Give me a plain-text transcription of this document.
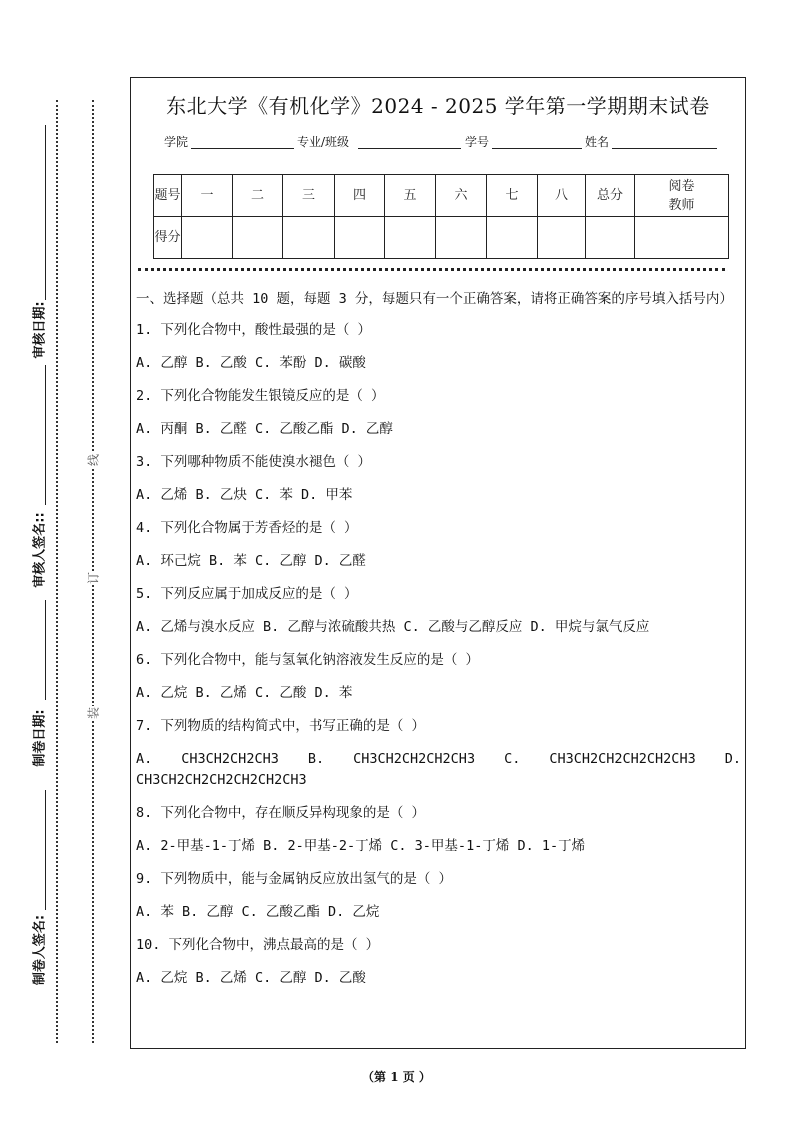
审核日期:
审核人签名::
制卷日期:
制卷人签名:
线
订
装
东北大学《有机化学》2024 - 2025 学年第一学期期末试卷
学院	专业/班级	学号	姓名
题号	一	二	三	四	五	六	七	八	总分	阅卷教师
得分										

一、选择题（总共 10 题，每题 3 分，每题只有一个正确答案，请将正确答案的序号填入括号内）

1. 下列化合物中，酸性最强的是（ ）

A. 乙醇 B. 乙酸 C. 苯酚 D. 碳酸

2. 下列化合物能发生银镜反应的是（ ）

A. 丙酮 B. 乙醛 C. 乙酸乙酯 D. 乙醇

3. 下列哪种物质不能使溴水褪色（ ）

A. 乙烯 B. 乙炔 C. 苯 D. 甲苯

4. 下列化合物属于芳香烃的是（ ）

A. 环己烷 B. 苯 C. 乙醇 D. 乙醛

5. 下列反应属于加成反应的是（ ）

A. 乙烯与溴水反应 B. 乙醇与浓硫酸共热 C. 乙酸与乙醇反应 D. 甲烷与氯气反应

6. 下列化合物中，能与氢氧化钠溶液发生反应的是（ ）

A. 乙烷 B. 乙烯 C. 乙酸 D. 苯

7. 下列物质的结构简式中，书写正确的是（ ）

A. CH3CH2CH2CH3 B. CH3CH2CH2CH2CH3 C. CH3CH2CH2CH2CH2CH3 D. CH3CH2CH2CH2CH2CH2CH3

8. 下列化合物中，存在顺反异构现象的是（ ）

A. 2-甲基-1-丁烯 B. 2-甲基-2-丁烯 C. 3-甲基-1-丁烯 D. 1-丁烯

9. 下列物质中，能与金属钠反应放出氢气的是（ ）

A. 苯 B. 乙醇 C. 乙酸乙酯 D. 乙烷

10. 下列化合物中，沸点最高的是（ ）

A. 乙烷 B. 乙烯 C. 乙醇 D. 乙酸

（第 1 页 ）
